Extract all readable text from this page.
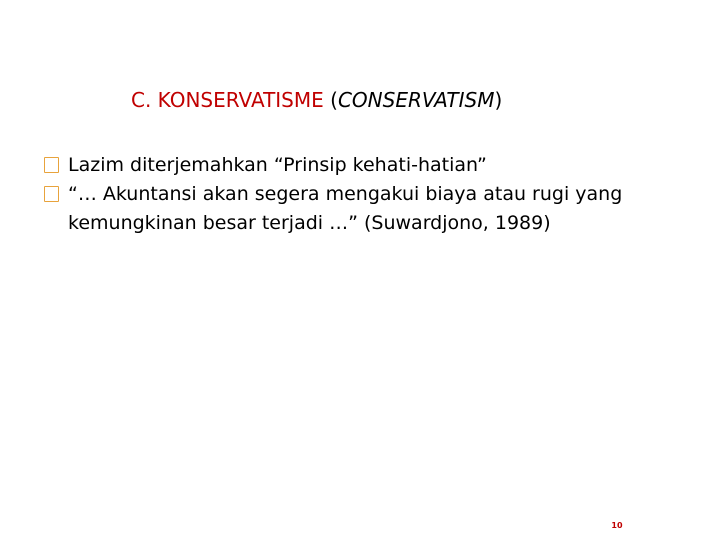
C. KONSERVATISME (CONSERVATISM)
Lazim diterjemahkan “Prinsip kehati-hatian”
“… Akuntansi akan segera mengakui biaya atau rugi yang kemungkinan besar terjadi …” (Suwardjono, 1989)
10
